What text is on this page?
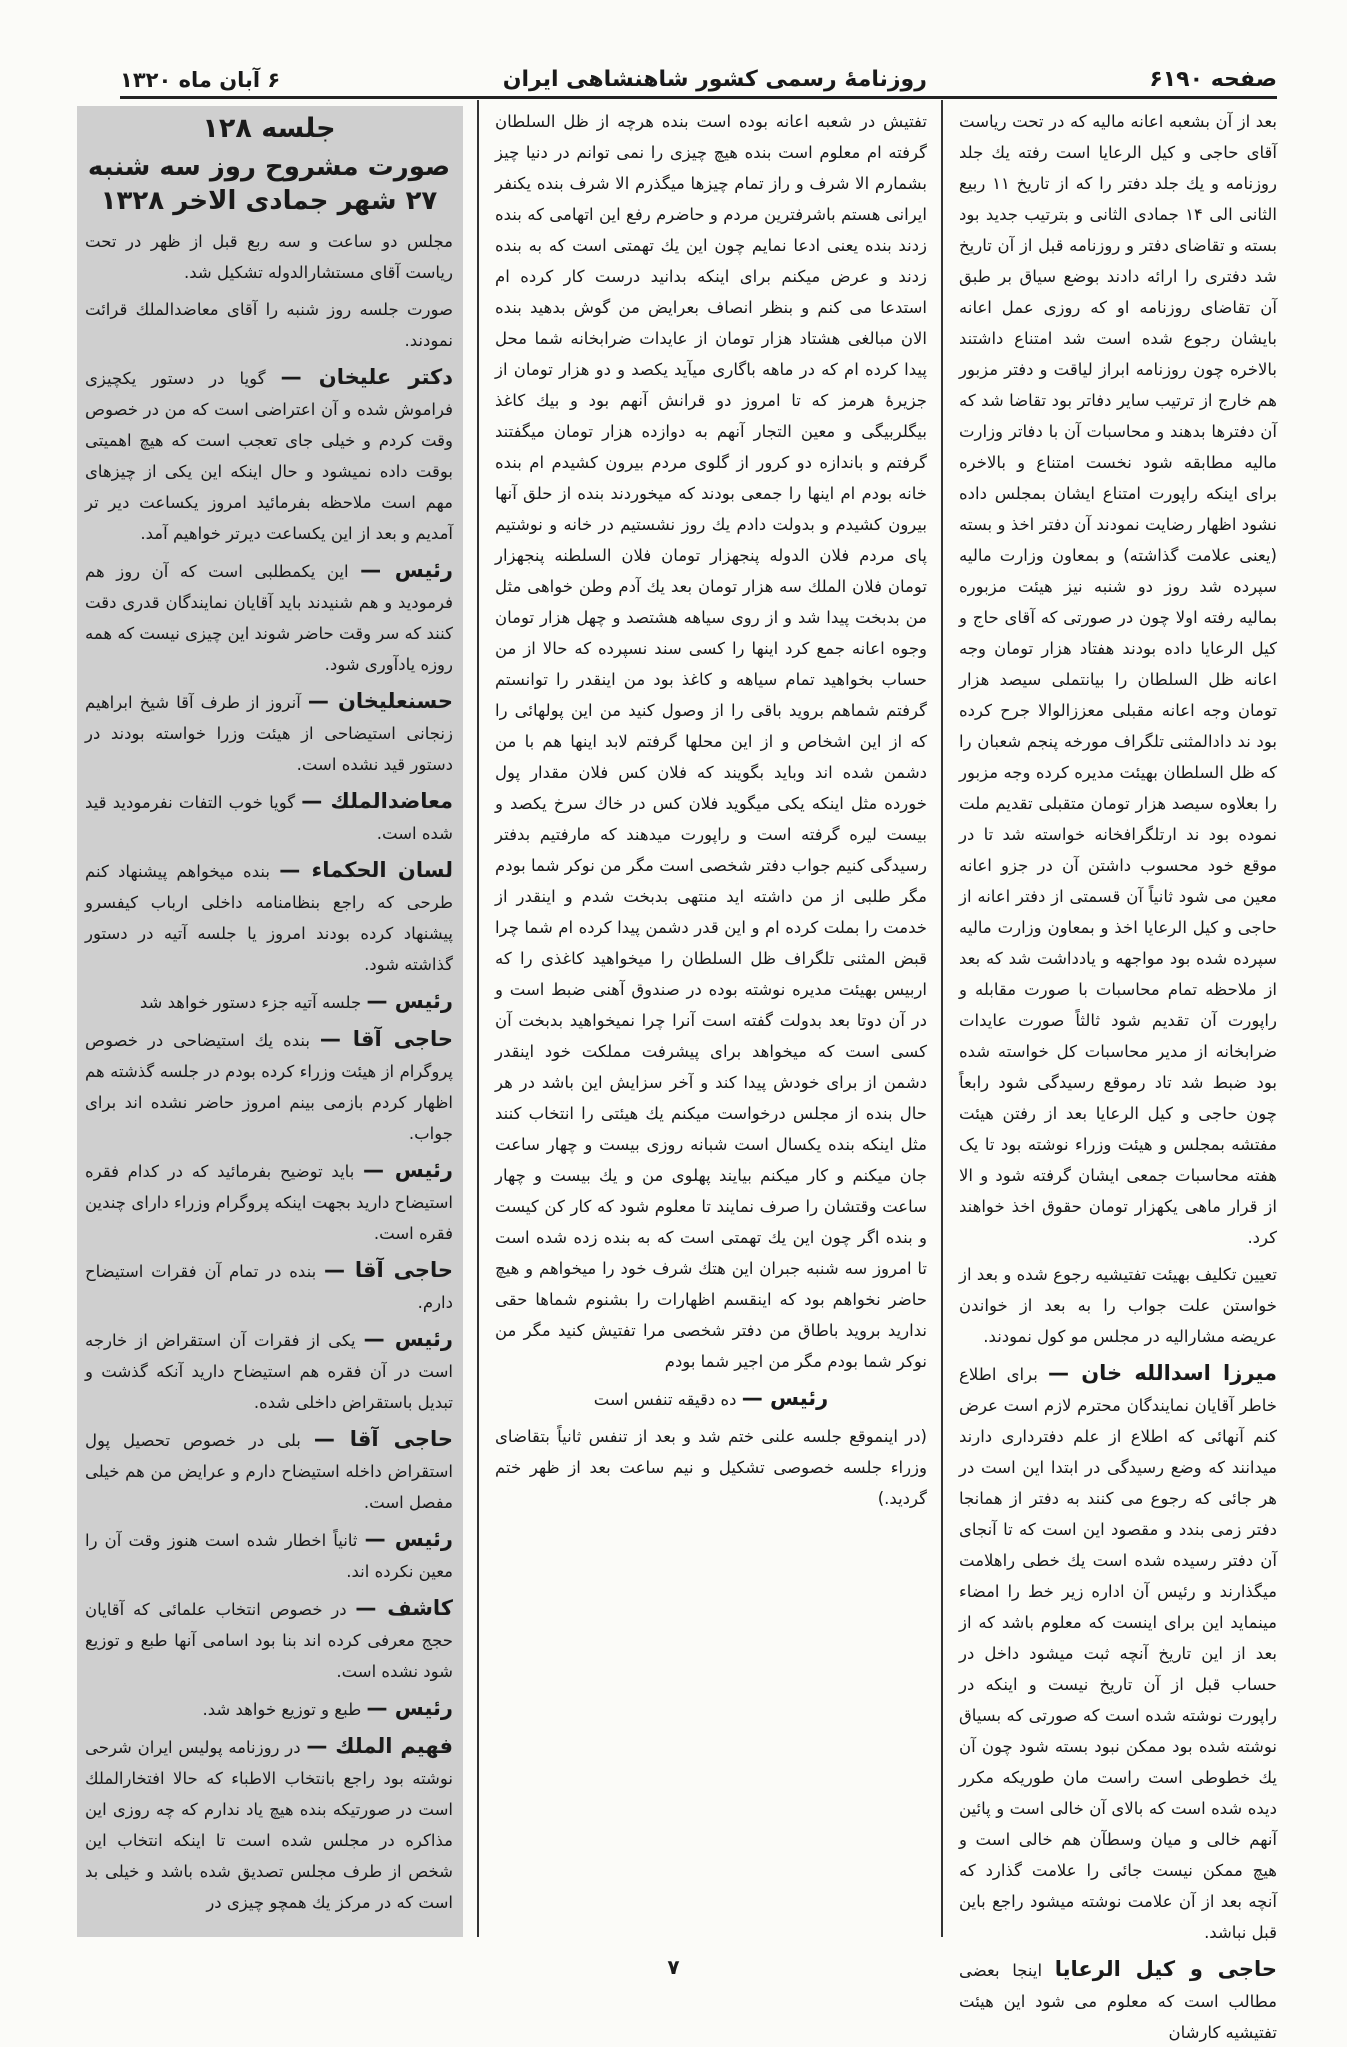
صفحه ۶۱۹۰
روزنامهٔ رسمی کشور شاهنشاهی ایران
۶ آبان ماه ۱۳۲۰

بعد از آن بشعبه اعانه مالیه که در تحت ریاست آقای حاجی و کیل الرعایا است رفته یك جلد روزنامه و یك جلد دفتر را که از تاریخ ۱۱ ربیع الثانی الی ۱۴ جمادی الثانی و بترتیب جدید بود بسته و تقاضای دفتر و روزنامه قبل از آن تاریخ شد دفتری را ارائه دادند بوضع سیاق بر طبق آن تقاضای روزنامه او که روزی عمل اعانه بایشان رجوع شده است شد امتناع داشتند بالاخره چون روزنامه ابراز لیاقت و دفتر مزبور هم خارج از ترتیب سایر دفاتر بود تقاضا شد که آن دفترها بدهند و محاسبات آن با دفاتر وزارت مالیه مطابقه شود نخست امتناع و بالاخره برای اینکه راپورت امتناع ایشان بمجلس داده نشود اظهار رضایت نمودند آن دفتر اخذ و بسته (یعنی علامت گذاشته) و بمعاون وزارت مالیه سپرده شد روز دو شنبه نیز هیئت مزبوره بمالیه رفته اولا چون در صورتی که آقای حاج و کیل الرعایا داده بودند هفتاد هزار تومان وجه اعانه ظل السلطان را بیانتملی سیصد هزار تومان وجه اعانه مقبلی معززالوالا جرح کرده بود ند دادالمثنی تلگراف مورخه پنجم شعبان را که ظل السلطان بهیئت مدیره کرده وجه مزبور را بعلاوه سیصد هزار تومان متقبلی تقدیم ملت نموده بود ند ارتلگرافخانه خواسته شد تا در موقع خود محسوب داشتن آن در جزو اعانه معین می شود ثانیاً آن قسمتی از دفتر اعانه از حاجی و کیل الرعایا اخذ و بمعاون وزارت مالیه سپرده شده بود مواجهه و یادداشت شد که بعد از ملاحظه تمام محاسبات با صورت مقابله و راپورت آن تقدیم شود ثالثاً صورت عایدات ضرابخانه از مدیر محاسبات کل خواسته شده بود ضبط شد تاد رموقع رسیدگی شود رابعاً چون حاجی و کیل الرعایا بعد از رفتن هیئت مفتشه بمجلس و هیئت وزراء نوشته بود تا یک هفته محاسبات جمعی ایشان گرفته شود و الا از قرار ماهی یکهزار تومان حقوق اخذ خواهند کرد.

تعیین تکلیف بهیئت تفتیشیه رجوع شده و بعد از خواستن علت جواب را به بعد از خواندن عریضه مشارالیه در مجلس مو کول نمودند.

میرزا اسدالله خان — برای اطلاع خاطر آقایان نمایندگان محترم لازم است عرض کنم آنهائی که اطلاع از علم دفترداری دارند میدانند که وضع رسیدگی در ابتدا این است در هر جائی که رجوع می کنند به دفتر از همانجا دفتر زمی بندد و مقصود این است که تا آنجای آن دفتر رسیده شده است یك خطی راهلامت میگذارند و رئیس آن اداره زیر خط را امضاء مینماید این برای اینست که معلوم باشد که از بعد از این تاریخ آنچه ثبت میشود داخل در حساب قبل از آن تاریخ نیست و اینکه در راپورت نوشته شده است که صورتی که بسیاق نوشته شده بود ممکن نبود بسته شود چون آن یك خطوطی است راست مان طوریکه مکرر دیده شده است که بالای آن خالی است و پائین آنهم خالی و میان وسطآن هم خالی است و هیچ ممکن نیست جائی را علامت گذارد که آنچه بعد از آن علامت نوشته میشود راجع باین قبل نباشد.

حاجی و کیل الرعایا اینجا بعضی مطالب است که معلوم می شود این هیئت تفتیشیه کارشان

تفتیش در شعبه اعانه بوده است بنده هرچه از ظل السلطان گرفته ام معلوم است بنده هیچ چیزی را نمی توانم در دنیا چیز بشمارم الا شرف و راز تمام چیزها میگذرم الا شرف بنده یکنفر ایرانی هستم باشرفترین مردم و حاضرم رفع این اتهامی که بنده زدند بنده یعنی ادعا نمایم چون این یك تهمتی است که به بنده زدند و عرض میکنم برای اینکه بدانید درست کار کرده ام استدعا می کنم و بنظر انصاف بعرایض من گوش بدهید بنده الان مبالغی هشتاد هزار تومان از عایدات ضرابخانه شما محل پیدا کرده ام که در ماهه باگاری میآید یکصد و دو هزار تومان از جزیرهٔ هرمز که تا امروز دو قرانش آنهم بود و بیك کاغذ بیگلربیگی و معین التجار آنهم به دوازده هزار تومان میگفتند گرفتم و باندازه دو کرور از گلوی مردم بیرون کشیدم ام بنده خانه بودم ام اینها را جمعی بودند که میخوردند بنده از حلق آنها بیرون کشیدم و بدولت دادم یك روز نشستیم در خانه و نوشتیم پای مردم فلان الدوله پنجهزار تومان فلان السلطنه پنجهزار تومان فلان الملك سه هزار تومان بعد یك آدم وطن خواهی مثل من بدبخت پیدا شد و از روی سیاهه هشتصد و چهل هزار تومان وجوه اعانه جمع کرد اینها را کسی سند نسپرده که حالا از من حساب بخواهید تمام سیاهه و کاغذ بود من اینقدر را توانستم گرفتم شماهم بروید باقی را از وصول کنید من این پولهائی را که از این اشخاص و از این محلها گرفتم لابد اینها هم با من دشمن شده اند وباید بگویند که فلان کس فلان مقدار پول خورده مثل اینکه یکی میگوید فلان کس در خاك سرخ یکصد و بیست لیره گرفته است و راپورت میدهند که مارفتیم بدفتر رسیدگی کنیم جواب دفتر شخصی است مگر من نوکر شما بودم مگر طلبی از من داشته اید منتهی بدبخت شدم و اینقدر از خدمت را بملت کرده ام و این قدر دشمن پیدا کرده ام شما چرا قبض المثنی تلگراف ظل السلطان را میخواهید کاغذی را که اربیس بهیئت مدیره نوشته بوده در صندوق آهنی ضبط است و در آن دوتا بعد بدولت گفته است آنرا چرا نمیخواهید بدبخت آن کسی است که میخواهد برای پیشرفت مملکت خود اینقدر دشمن از برای خودش پیدا کند و آخر سزایش این باشد در هر حال بنده از مجلس درخواست میکنم یك هیئتی را انتخاب کنند مثل اینکه بنده یکسال است شبانه روزی بیست و چهار ساعت جان میکنم و کار میکنم بیایند پهلوی من و یك بیست و چهار ساعت وقتشان را صرف نمایند تا معلوم شود که کار کن کیست و بنده اگر چون این یك تهمتی است که به بنده زده شده است تا امروز سه شنبه جبران این هتك شرف خود را میخواهم و هیچ حاضر نخواهم بود که اینقسم اظهارات را بشنوم شماها حقی ندارید بروید باطاق من دفتر شخصی مرا تفتیش کنید مگر من نوکر شما بودم مگر من اجیر شما بودم

رئیس — ده دقیقه تنفس است

(در اینموقع جلسه علنی ختم شد و بعد از تنفس ثانیاً بتقاضای وزراء جلسه خصوصی تشکیل و نیم ساعت بعد از ظهر ختم گردید.)

جلسه ۱۲۸
صورت مشروح روز سه شنبه ۲۷ شهر جمادی الاخر ۱۳۲۸

مجلس دو ساعت و سه ربع قبل از ظهر در تحت ریاست آقای مستشارالدوله تشکیل شد.

صورت جلسه روز شنبه را آقای معاضدالملك قرائت نمودند.

دکتر علیخان — گویا در دستور یکچیزی فراموش شده و آن اعتراضی است که من در خصوص وقت کردم و خیلی جای تعجب است که هیچ اهمیتی بوقت داده نمیشود و حال اینکه این یکی از چیزهای مهم است ملاحظه بفرمائید امروز یکساعت دیر تر آمدیم و بعد از این یکساعت دیرتر خواهیم آمد.

رئیس — این یکمطلبی است که آن روز هم فرمودید و هم شنیدند باید آقایان نمایندگان قدری دقت کنند که سر وقت حاضر شوند این چیزی نیست که همه روزه یادآوری شود.

حسنعلیخان — آنروز از طرف آقا شیخ ابراهیم زنجانی استیضاحی از هیئت وزرا خواسته بودند در دستور قید نشده است.

معاضدالملك — گویا خوب التفات نفرمودید قید شده است.

لسان الحکماء — بنده میخواهم پیشنهاد کنم طرحی که راجع بنظامنامه داخلی ارباب کیفسرو پیشنهاد کرده بودند امروز یا جلسه آتیه در دستور گذاشته شود.

رئیس — جلسه آتیه جزء دستور خواهد شد

حاجی آقا — بنده یك استیضاحی در خصوص پروگرام از هیئت وزراء کرده بودم در جلسه گذشته هم اظهار کردم بازمی بینم امروز حاضر نشده اند برای جواب.

رئیس — باید توضیح بفرمائید که در کدام فقره استیضاح دارید بجهت اینکه پروگرام وزراء دارای چندین فقره است.

حاجی آقا — بنده در تمام آن فقرات استیضاح دارم.

رئیس — یکی از فقرات آن استقراض از خارجه است در آن فقره هم استیضاح دارید آنکه گذشت و تبدیل باستقراض داخلی شده.

حاجی آقا — بلی در خصوص تحصیل پول استقراض داخله استیضاح دارم و عرایض من هم خیلی مفصل است.

رئیس — ثانیاً اخطار شده است هنوز وقت آن را معین نکرده اند.

کاشف — در خصوص انتخاب علمائی که آقایان حجج معرفی کرده اند بنا بود اسامی آنها طبع و توزیع شود نشده است.

رئیس — طبع و توزیع خواهد شد.

فهیم الملك — در روزنامه پولیس ایران شرحی نوشته بود راجع بانتخاب الاطباء که حالا افتخارالملك است در صورتیکه بنده هیچ یاد ندارم که چه روزی این مذاکره در مجلس شده است تا اینکه انتخاب این شخص از طرف مجلس تصدیق شده باشد و خیلی بد است که در مرکز یك همچو چیزی در

۷
